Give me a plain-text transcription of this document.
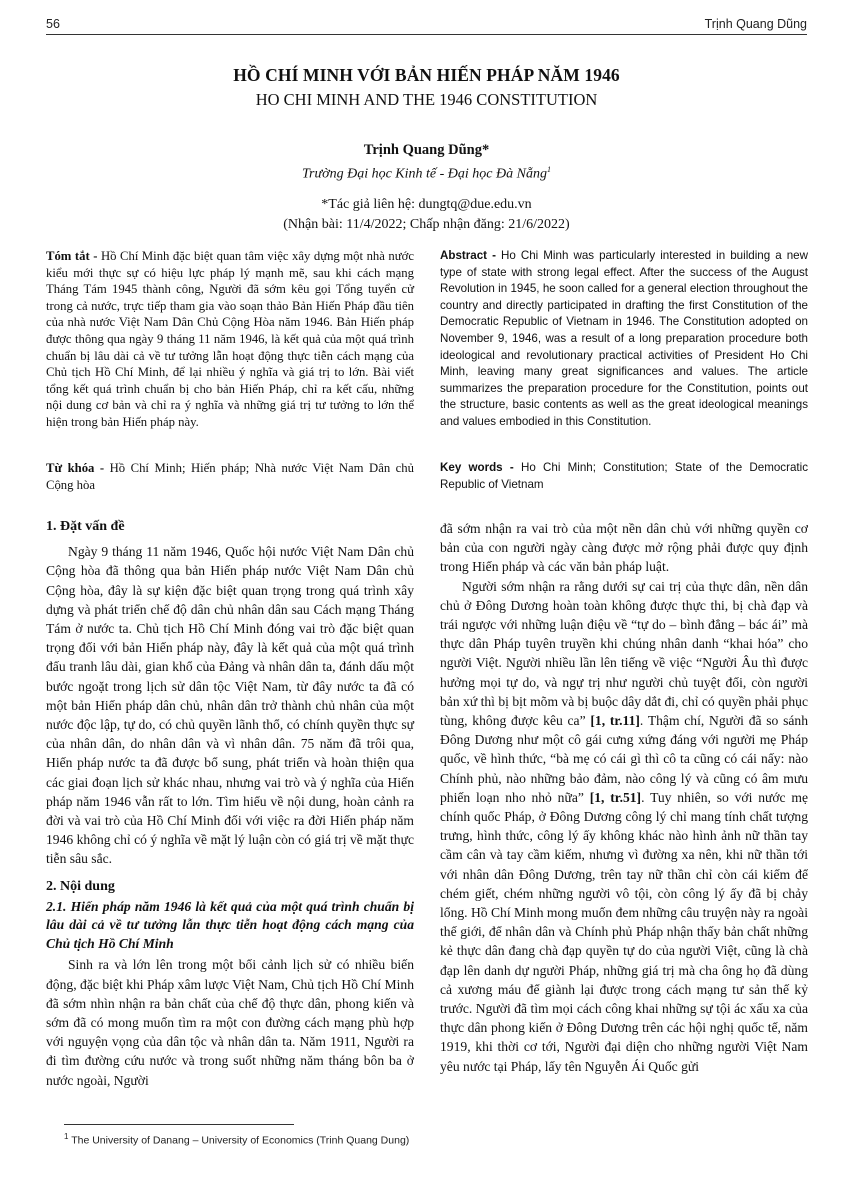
56	Trịnh Quang Dũng
HỒ CHÍ MINH VỚI BẢN HIẾN PHÁP NĂM 1946
HO CHI MINH AND THE 1946 CONSTITUTION
Trịnh Quang Dũng*
Trường Đại học Kinh tế - Đại học Đà Nẵng$^1$
*Tác giả liên hệ: dungtq@due.edu.vn
(Nhận bài: 11/4/2022; Chấp nhận đăng: 21/6/2022)
Tóm tắt - Hồ Chí Minh đặc biệt quan tâm việc xây dựng một nhà nước kiểu mới thực sự có hiệu lực pháp lý mạnh mẽ, sau khi cách mạng Tháng Tám 1945 thành công, Người đã sớm kêu gọi Tổng tuyển cử trong cả nước, trực tiếp tham gia vào soạn thảo Bản Hiến Pháp đầu tiên của nhà nước Việt Nam Dân Chủ Cộng Hòa năm 1946. Bản Hiến pháp được thông qua ngày 9 tháng 11 năm 1946, là kết quả của một quá trình chuẩn bị lâu dài cả về tư tưởng lẫn hoạt động thực tiễn cách mạng của Chủ tịch Hồ Chí Minh, để lại nhiều ý nghĩa và giá trị to lớn. Bài viết tổng kết quá trình chuẩn bị cho bản Hiến Pháp, chỉ ra kết cấu, những nội dung cơ bản và chỉ ra ý nghĩa và những giá trị tư tưởng to lớn thể hiện trong bản Hiến pháp này.
Abstract - Ho Chi Minh was particularly interested in building a new type of state with strong legal effect. After the success of the August Revolution in 1945, he soon called for a general election throughout the country and directly participated in drafting the first Constitution of the Democratic Republic of Vietnam in 1946. The Constitution adopted on November 9, 1946, was a result of a long preparation procedure both ideological and revolutionary practical activities of President Ho Chi Minh, leaving many great significances and values. The article summarizes the preparation procedure for the Constitution, points out the structure, basic contents as well as the great ideological meanings and values embodied in this Constitution.
Từ khóa - Hồ Chí Minh; Hiến pháp; Nhà nước Việt Nam Dân chủ Cộng hòa
Key words - Ho Chi Minh; Constitution; State of the Democratic Republic of Vietnam
1. Đặt vấn đề

Ngày 9 tháng 11 năm 1946, Quốc hội nước Việt Nam Dân chủ Cộng hòa đã thông qua bản Hiến pháp nước Việt Nam Dân chủ Cộng hòa, đây là sự kiện đặc biệt quan trọng trong quá trình xây dựng và phát triển chế độ dân chủ nhân dân sau Cách mạng Tháng Tám ở nước ta. Chủ tịch Hồ Chí Minh đóng vai trò đặc biệt quan trọng đối với bản Hiến pháp này, đây là kết quả của một quá trình đấu tranh lâu dài, gian khổ của Đảng và nhân dân ta, đánh dấu một bước ngoặt trong lịch sử dân tộc Việt Nam, từ đây nước ta đã có một bản Hiến pháp dân chủ, nhân dân trở thành chủ nhân của một nước độc lập, tự do, có chủ quyền lãnh thổ, có chính quyền thực sự của nhân dân, do nhân dân và vì nhân dân. 75 năm đã trôi qua, Hiến pháp nước ta đã được bổ sung, phát triển và hoàn thiện qua các giai đoạn lịch sử khác nhau, nhưng vai trò và ý nghĩa của Hiến pháp năm 1946 vẫn rất to lớn. Tìm hiểu về nội dung, hoàn cảnh ra đời và vai trò của Hồ Chí Minh đối với việc ra đời Hiến pháp năm 1946 không chỉ có ý nghĩa về mặt lý luận còn có giá trị về mặt thực tiễn sâu sắc.

2. Nội dung
2.1. Hiến pháp năm 1946 là kết quả của một quá trình chuẩn bị lâu dài cả về tư tưởng lẫn thực tiễn hoạt động cách mạng của Chủ tịch Hồ Chí Minh

Sinh ra và lớn lên trong một bối cảnh lịch sử có nhiều biến động, đặc biệt khi Pháp xâm lược Việt Nam, Chủ tịch Hồ Chí Minh đã sớm nhìn nhận ra bản chất của chế độ thực dân, phong kiến và sớm đã có mong muốn tìm ra một con đường cách mạng phù hợp với nguyện vọng của dân tộc và nhân dân ta. Năm 1911, Người ra đi tìm đường cứu nước và trong suốt những năm tháng bôn ba ở nước ngoài, Người

đã sớm nhận ra vai trò của một nền dân chủ với những quyền cơ bản của con người ngày càng được mở rộng phải được quy định trong Hiến pháp và các văn bản pháp luật.

Người sớm nhận ra rằng dưới sự cai trị của thực dân, nền dân chủ ở Đông Dương hoàn toàn không được thực thi, bị chà đạp và trái ngược với những luận điệu về “tự do – bình đẳng – bác ái” mà thực dân Pháp tuyên truyền khi chúng nhân danh “khai hóa” cho người Việt. Người nhiều lần lên tiếng về việc “Người Âu thì được hưởng mọi tự do, và ngự trị như người chủ tuyệt đối, còn người bản xứ thì bị bịt mõm và bị buộc dây dắt đi, chỉ có quyền phải phục tùng, không được kêu ca” [1, tr.11]. Thậm chí, Người đã so sánh Đông Dương như một cô gái cưng xứng đáng với người mẹ Pháp quốc, về hình thức, “bà mẹ có cái gì thì cô ta cũng có cái nấy: nào Chính phủ, nào những bảo đảm, nào công lý và cũng có âm mưu phiến loạn nho nhỏ nữa” [1, tr.51]. Tuy nhiên, so với nước mẹ chính quốc Pháp, ở Đông Dương công lý chỉ mang tính chất tượng trưng, hình thức, công lý ấy không khác nào hình ảnh nữ thần tay cầm cân và tay cầm kiếm, nhưng vì đường xa nên, khi nữ thần tới với nhân dân Đông Dương, trên tay nữ thần chỉ còn cái kiếm để chém giết, chém những người vô tội, còn công lý ấy đã bị chảy lổng. Hồ Chí Minh mong muốn đem những câu truyện này ra ngoài thế giới, để nhân dân và Chính phủ Pháp nhận thấy bản chất những kẻ thực dân đang chà đạp quyền tự do của người Việt, cũng là chà đạp lên danh dự người Pháp, những giá trị mà cha ông họ đã dùng cả xương máu để giành lại được trong cách mạng tư sản thế kỷ trước. Người đã tìm mọi cách công khai những sự tội ác xấu xa của thực dân phong kiến ở Đông Dương trên các hội nghị quốc tế, năm 1919, khi thời cơ tới, Người đại diện cho những người Việt Nam yêu nước tại Pháp, lấy tên Nguyễn Ái Quốc gửi

$^1$ The University of Danang – University of Economics (Trinh Quang Dung)
